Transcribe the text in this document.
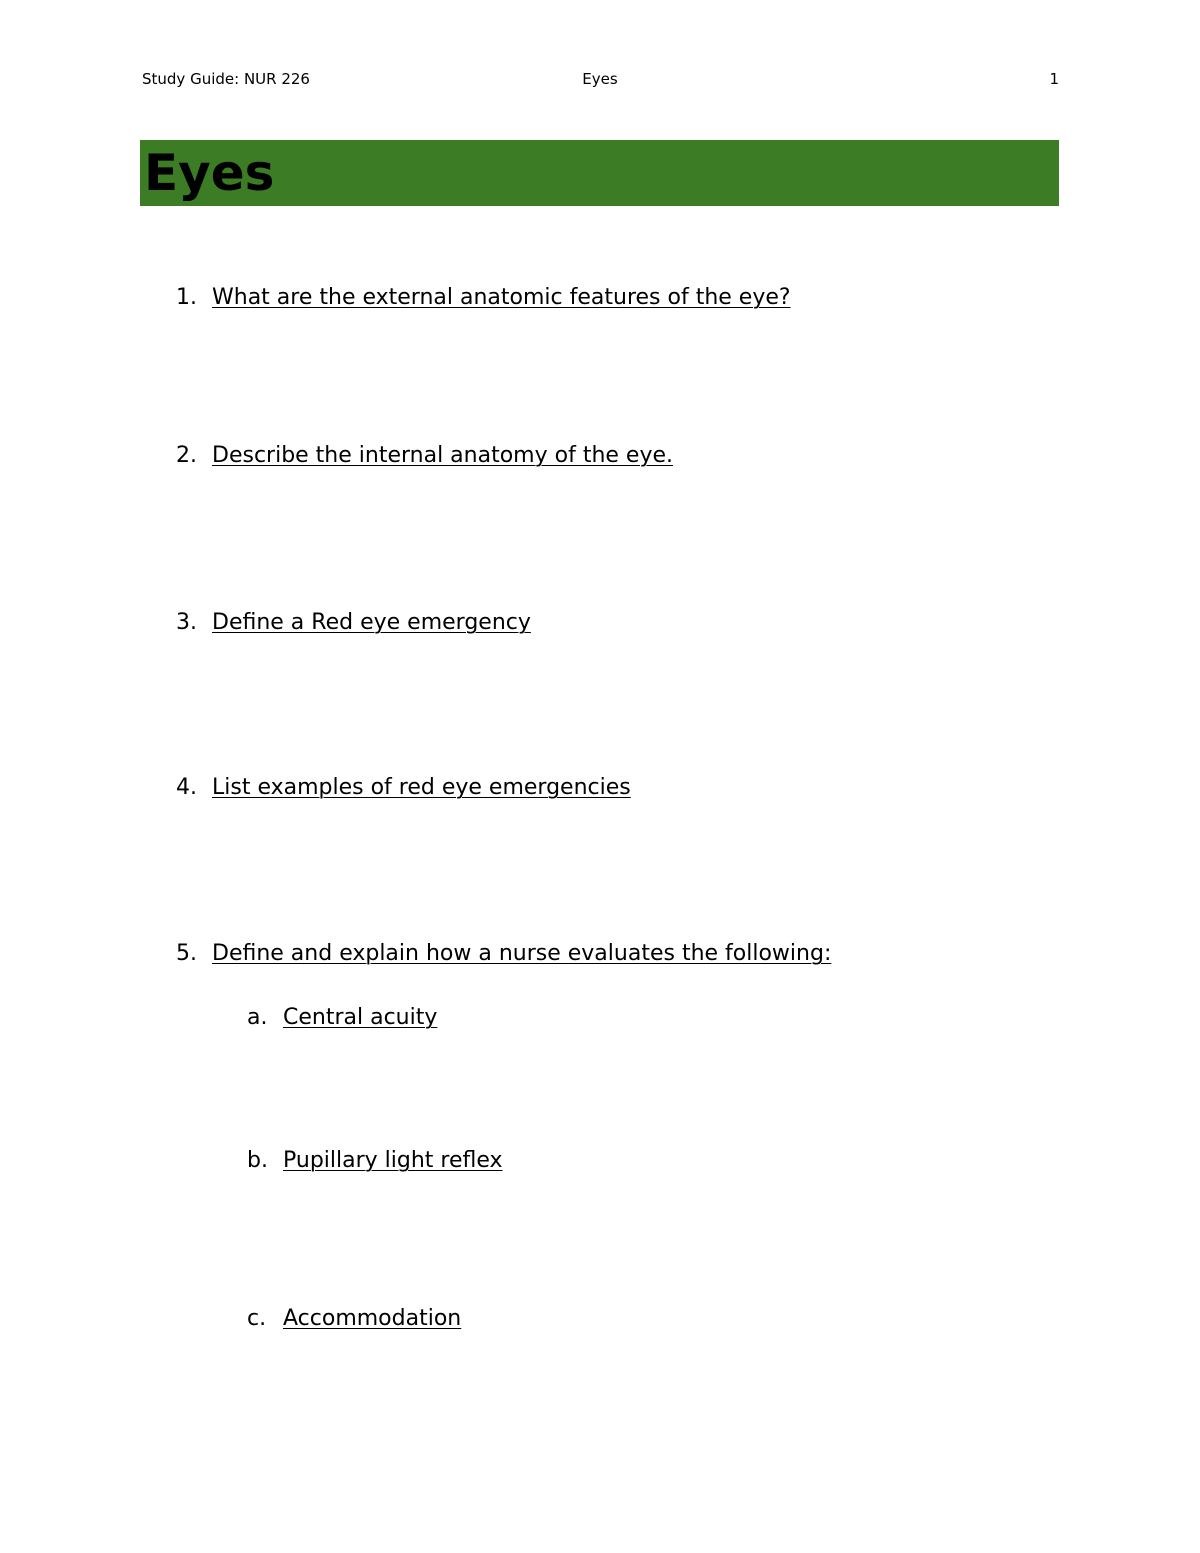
Study Guide: NUR 226	Eyes	1
Eyes
1. What are the external anatomic features of the eye?
2. Describe the internal anatomy of the eye.
3. Define a Red eye emergency
4. List examples of red eye emergencies
5. Define and explain how a nurse evaluates the following:
a. Central acuity
b. Pupillary light reflex
c. Accommodation
